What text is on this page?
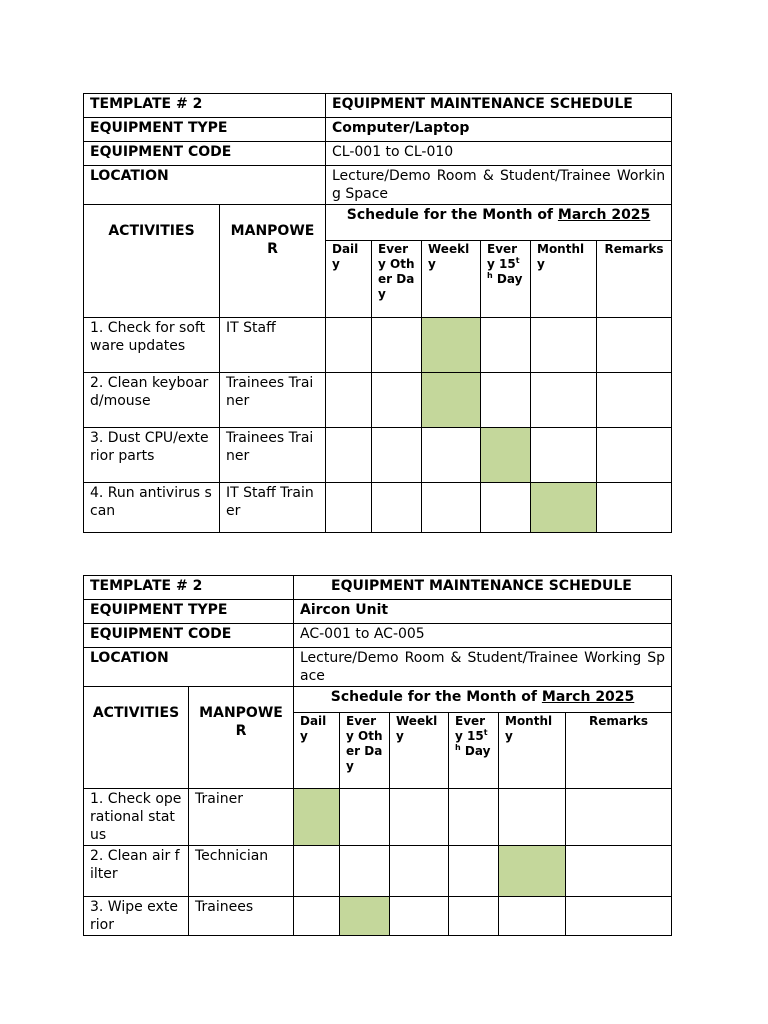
TEMPLATE # 2		EQUIPMENT MAINTENANCE SCHEDULE					
EQUIPMENT TYPE		Computer/Laptop					
EQUIPMENT CODE		CL-001 to CL-010					
LOCATION		Lecture/Demo Room & Student/Trainee Working Space					
ACTIVITIES	MANPOWER	Schedule for the Month of March 2025					
		Daily	Every Other Day	Weekly	Every 15th Day	Monthly	Remarks
1. Check for software updates	IT Staff						
2. Clean keyboard/mouse	Trainees Trainer						
3. Dust CPU/exterior parts	Trainees Trainer						
4. Run antivirus scan	IT Staff Trainer						
TEMPLATE # 2		EQUIPMENT MAINTENANCE SCHEDULE					
EQUIPMENT TYPE		Aircon Unit					
EQUIPMENT CODE		AC-001 to AC-005					
LOCATION		Lecture/Demo Room & Student/Trainee Working Space					
ACTIVITIES	MANPOWER	Schedule for the Month of March 2025					
		Daily	Every Other Day	Weekly	Every 15th Day	Monthly	Remarks
1. Check operational status	Trainer						
2. Clean air filter	Technician						
3. Wipe exterior	Trainees						
